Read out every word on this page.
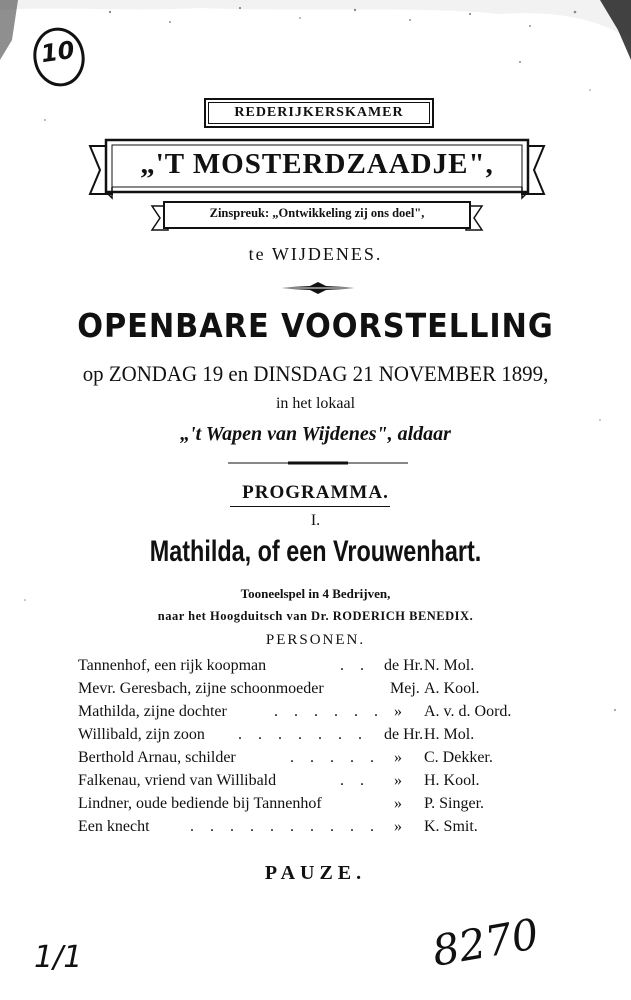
10
REDERIJKERSKAMER
„'T MOSTERDZAADJE",
Zinspreuk: „Ontwikkeling zij ons doel",
te WIJDENES.
OPENBARE VOORSTELLING
op ZONDAG 19 en DINSDAG 21 NOVEMBER 1899,
in het lokaal
„'t Wapen van Wijdenes", aldaar
PROGRAMMA.
I.
Mathilda, of een Vrouwenhart.
Tooneelspel in 4 Bedrijven,
naar het Hoogduitsch van Dr. RODERICH BENEDIX.
PERSONEN.
Tannenhof, een rijk koopman	. . de Hr. N. Mol.
Mevr. Geresbach, zijne schoonmoeder	Mej. A. Kool.
Mathilda, zijne dochter	. . . . . . » A. v. d. Oord.
Willibald, zijn zoon . . . . . . . de Hr. H. Mol.
Berthold Arnau, schilder	. . . . . » C. Dekker.
Falkenau, vriend van Willibald	. . » H. Kool.
Lindner, oude bediende bij Tannenhof	» P. Singer.
Een knecht	. . . . . . . . . . » K. Smit.
PAUZE.
1/1	8270
